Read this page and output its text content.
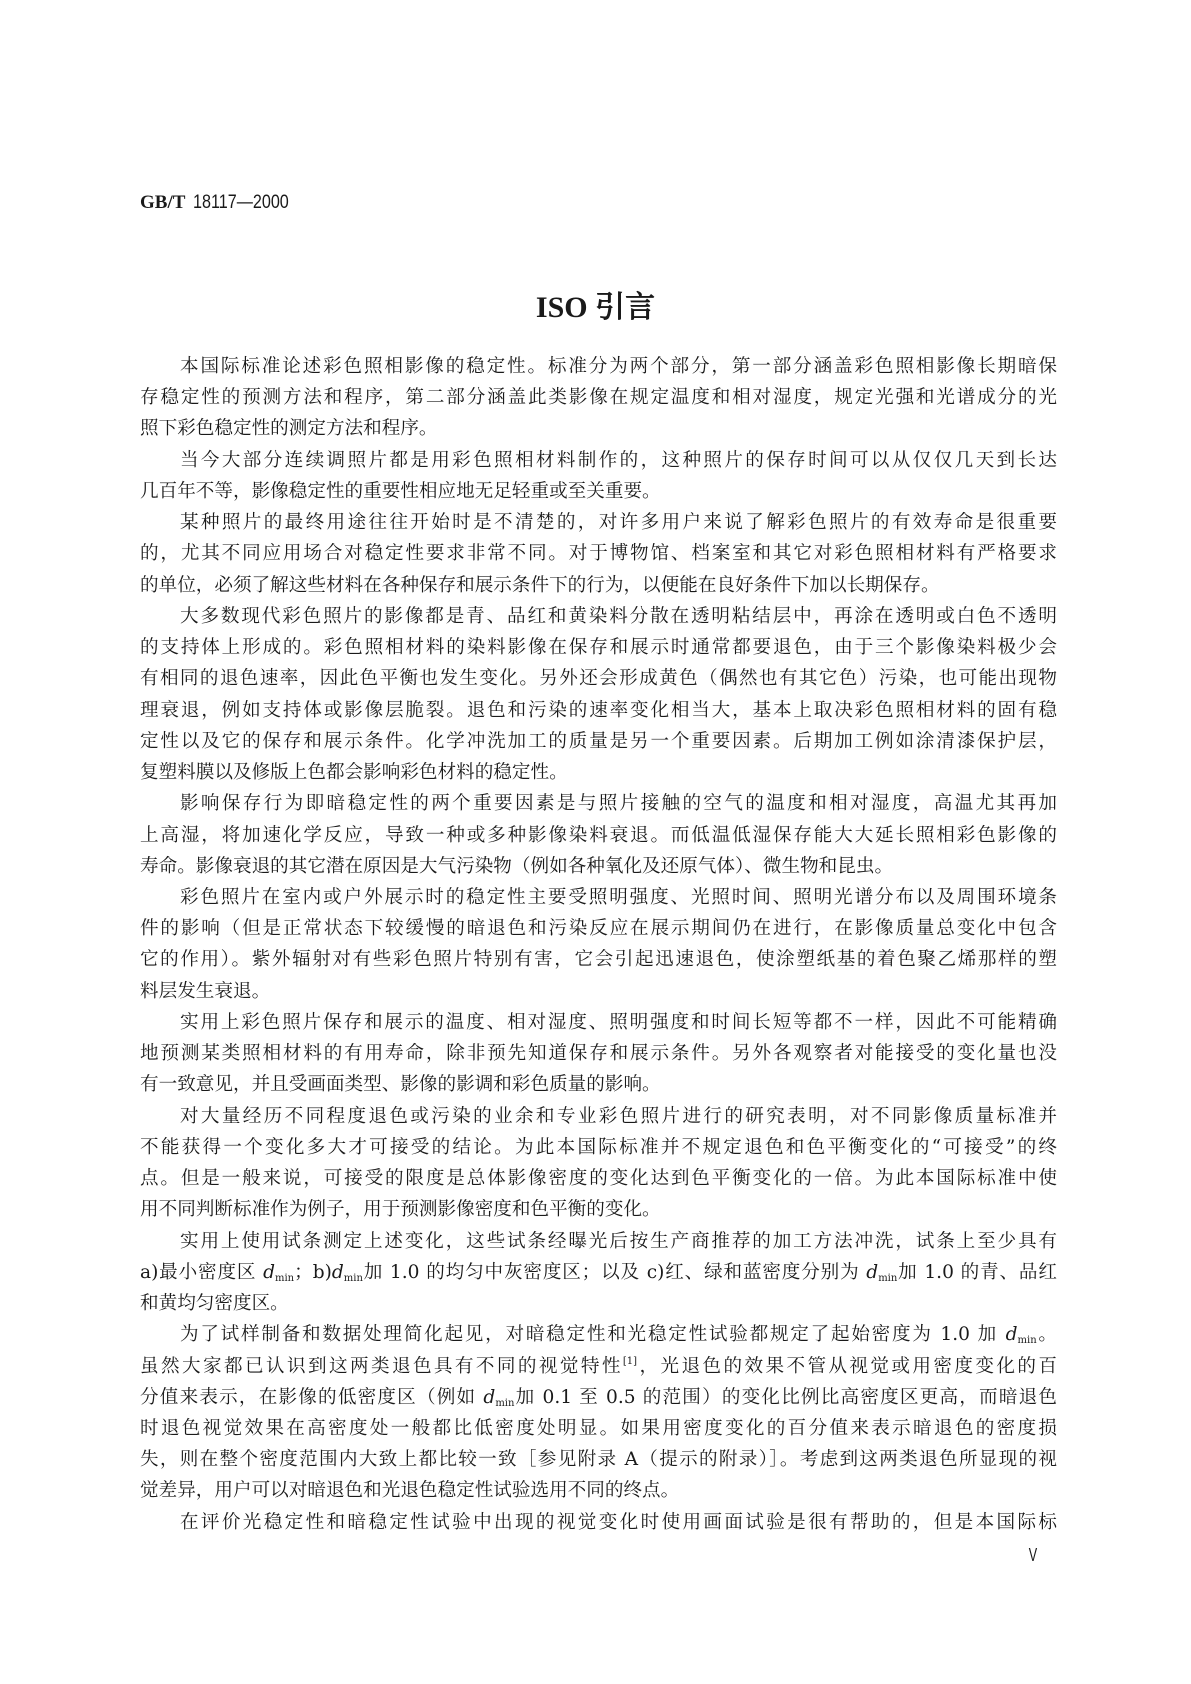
GB/T 18117—2000
ISO 引言
本国际标准论述彩色照相影像的稳定性。标准分为两个部分，第一部分涵盖彩色照相影像长期暗保
存稳定性的预测方法和程序，第二部分涵盖此类影像在规定温度和相对湿度，规定光强和光谱成分的光
照下彩色稳定性的测定方法和程序。
当今大部分连续调照片都是用彩色照相材料制作的，这种照片的保存时间可以从仅仅几天到长达
几百年不等，影像稳定性的重要性相应地无足轻重或至关重要。
某种照片的最终用途往往开始时是不清楚的，对许多用户来说了解彩色照片的有效寿命是很重要
的，尤其不同应用场合对稳定性要求非常不同。对于博物馆、档案室和其它对彩色照相材料有严格要求
的单位，必须了解这些材料在各种保存和展示条件下的行为，以便能在良好条件下加以长期保存。
大多数现代彩色照片的影像都是青、品红和黄染料分散在透明粘结层中，再涂在透明或白色不透明
的支持体上形成的。彩色照相材料的染料影像在保存和展示时通常都要退色，由于三个影像染料极少会
有相同的退色速率，因此色平衡也发生变化。另外还会形成黄色（偶然也有其它色）污染，也可能出现物
理衰退，例如支持体或影像层脆裂。退色和污染的速率变化相当大，基本上取决彩色照相材料的固有稳
定性以及它的保存和展示条件。化学冲洗加工的质量是另一个重要因素。后期加工例如涂清漆保护层，
复塑料膜以及修版上色都会影响彩色材料的稳定性。
影响保存行为即暗稳定性的两个重要因素是与照片接触的空气的温度和相对湿度，高温尤其再加
上高湿，将加速化学反应，导致一种或多种影像染料衰退。而低温低湿保存能大大延长照相彩色影像的
寿命。影像衰退的其它潜在原因是大气污染物（例如各种氧化及还原气体）、微生物和昆虫。
彩色照片在室内或户外展示时的稳定性主要受照明强度、光照时间、照明光谱分布以及周围环境条
件的影响（但是正常状态下较缓慢的暗退色和污染反应在展示期间仍在进行，在影像质量总变化中包含
它的作用）。紫外辐射对有些彩色照片特别有害，它会引起迅速退色，使涂塑纸基的着色聚乙烯那样的塑
料层发生衰退。
实用上彩色照片保存和展示的温度、相对湿度、照明强度和时间长短等都不一样，因此不可能精确
地预测某类照相材料的有用寿命，除非预先知道保存和展示条件。另外各观察者对能接受的变化量也没
有一致意见，并且受画面类型、影像的影调和彩色质量的影响。
对大量经历不同程度退色或污染的业余和专业彩色照片进行的研究表明，对不同影像质量标准并
不能获得一个变化多大才可接受的结论。为此本国际标准并不规定退色和色平衡变化的“可接受”的终
点。但是一般来说，可接受的限度是总体影像密度的变化达到色平衡变化的一倍。为此本国际标准中使
用不同判断标准作为例子，用于预测影像密度和色平衡的变化。
实用上使用试条测定上述变化，这些试条经曝光后按生产商推荐的加工方法冲洗，试条上至少具有
a)最小密度区 $d_{min}$；$b)d_{min}$加 1.0 的均匀中灰密度区；以及 c)红、绿和蓝密度分别为 $d_{min}$加 1.0 的青、品红
和黄均匀密度区。
为了试样制备和数据处理简化起见，对暗稳定性和光稳定性试验都规定了起始密度为 1.0 加 $d_{min}$。
虽然大家都已认识到这两类退色具有不同的视觉特性[1]，光退色的效果不管从视觉或用密度变化的百
分值来表示，在影像的低密度区（例如 $d_{min}$加 0.1 至 0.5 的范围）的变化比例比高密度区更高，而暗退色
时退色视觉效果在高密度处一般都比低密度处明显。如果用密度变化的百分值来表示暗退色的密度损
失，则在整个密度范围内大致上都比较一致［参见附录 A（提示的附录）］。考虑到这两类退色所显现的视
觉差异，用户可以对暗退色和光退色稳定性试验选用不同的终点。
在评价光稳定性和暗稳定性试验中出现的视觉变化时使用画面试验是很有帮助的，但是本国际标
V
